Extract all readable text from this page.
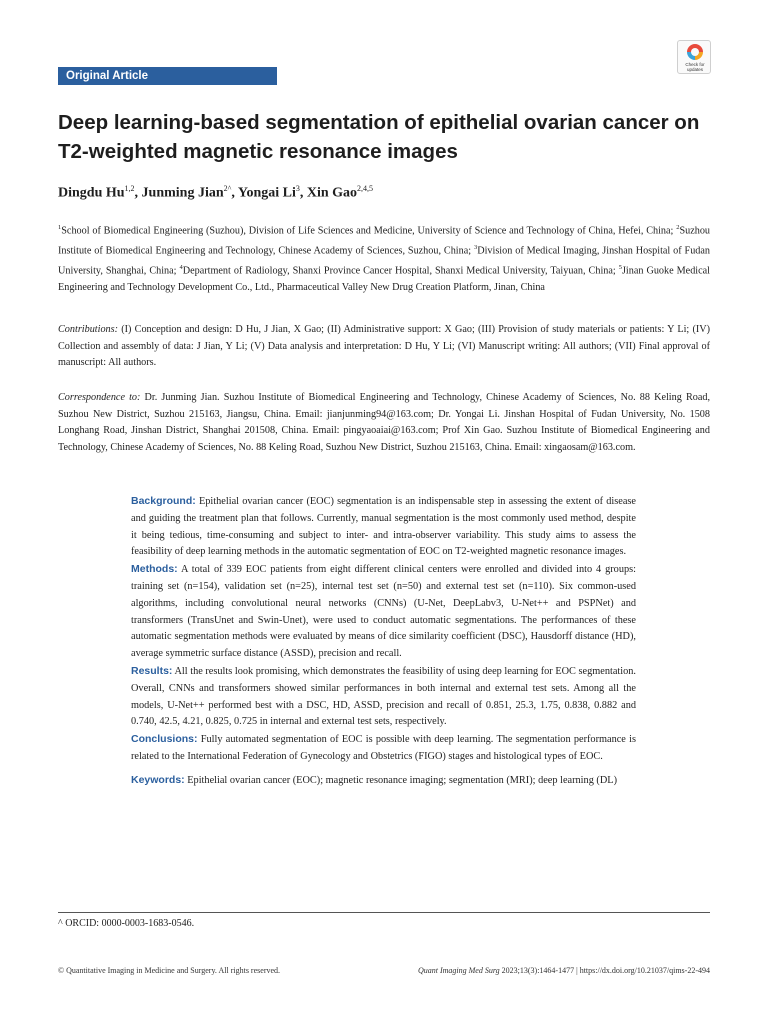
Original Article
Check for updates
Deep learning-based segmentation of epithelial ovarian cancer on T2-weighted magnetic resonance images
Dingdu Hu$^{1,2}$, Junming Jian$^{2\^{}}$, Yongai Li$^3$, Xin Gao$^{2,4,5}$
$^1$School of Biomedical Engineering (Suzhou), Division of Life Sciences and Medicine, University of Science and Technology of China, Hefei, China; $^2$Suzhou Institute of Biomedical Engineering and Technology, Chinese Academy of Sciences, Suzhou, China; $^3$Division of Medical Imaging, Jinshan Hospital of Fudan University, Shanghai, China; $^4$Department of Radiology, Shanxi Province Cancer Hospital, Shanxi Medical University, Taiyuan, China; $^5$Jinan Guoke Medical Engineering and Technology Development Co., Ltd., Pharmaceutical Valley New Drug Creation Platform, Jinan, China
Contributions: (I) Conception and design: D Hu, J Jian, X Gao; (II) Administrative support: X Gao; (III) Provision of study materials or patients: Y Li; (IV) Collection and assembly of data: J Jian, Y Li; (V) Data analysis and interpretation: D Hu, Y Li; (VI) Manuscript writing: All authors; (VII) Final approval of manuscript: All authors.
Correspondence to: Dr. Junming Jian. Suzhou Institute of Biomedical Engineering and Technology, Chinese Academy of Sciences, No. 88 Keling Road, Suzhou New District, Suzhou 215163, Jiangsu, China. Email: jianjunming94@163.com; Dr. Yongai Li. Jinshan Hospital of Fudan University, No. 1508 Longhang Road, Jinshan District, Shanghai 201508, China. Email: pingyaoaiai@163.com; Prof Xin Gao. Suzhou Institute of Biomedical Engineering and Technology, Chinese Academy of Sciences, No. 88 Keling Road, Suzhou New District, Suzhou 215163, China. Email: xingaosam@163.com.

Background: Epithelial ovarian cancer (EOC) segmentation is an indispensable step in assessing the extent of disease and guiding the treatment plan that follows. Currently, manual segmentation is the most commonly used method, despite it being tedious, time-consuming and subject to inter- and intra-observer variability. This study aims to assess the feasibility of deep learning methods in the automatic segmentation of EOC on T2-weighted magnetic resonance images.

Methods: A total of 339 EOC patients from eight different clinical centers were enrolled and divided into 4 groups: training set (n=154), validation set (n=25), internal test set (n=50) and external test set (n=110). Six common-used algorithms, including convolutional neural networks (CNNs) (U-Net, DeepLabv3, U-Net++ and PSPNet) and transformers (TransUnet and Swin-Unet), were used to conduct automatic segmentations. The performances of these automatic segmentation methods were evaluated by means of dice similarity coefficient (DSC), Hausdorff distance (HD), average symmetric surface distance (ASSD), precision and recall.

Results: All the results look promising, which demonstrates the feasibility of using deep learning for EOC segmentation. Overall, CNNs and transformers showed similar performances in both internal and external test sets. Among all the models, U-Net++ performed best with a DSC, HD, ASSD, precision and recall of 0.851, 25.3, 1.75, 0.838, 0.882 and 0.740, 42.5, 4.21, 0.825, 0.725 in internal and external test sets, respectively.

Conclusions: Fully automated segmentation of EOC is possible with deep learning. The segmentation performance is related to the International Federation of Gynecology and Obstetrics (FIGO) stages and histological types of EOC.

Keywords: Epithelial ovarian cancer (EOC); magnetic resonance imaging; segmentation (MRI); deep learning (DL)

^ ORCID: 0000-0003-1683-0546.
© Quantitative Imaging in Medicine and Surgery. All rights reserved.	Quant Imaging Med Surg 2023;13(3):1464-1477 | https://dx.doi.org/10.21037/qims-22-494
